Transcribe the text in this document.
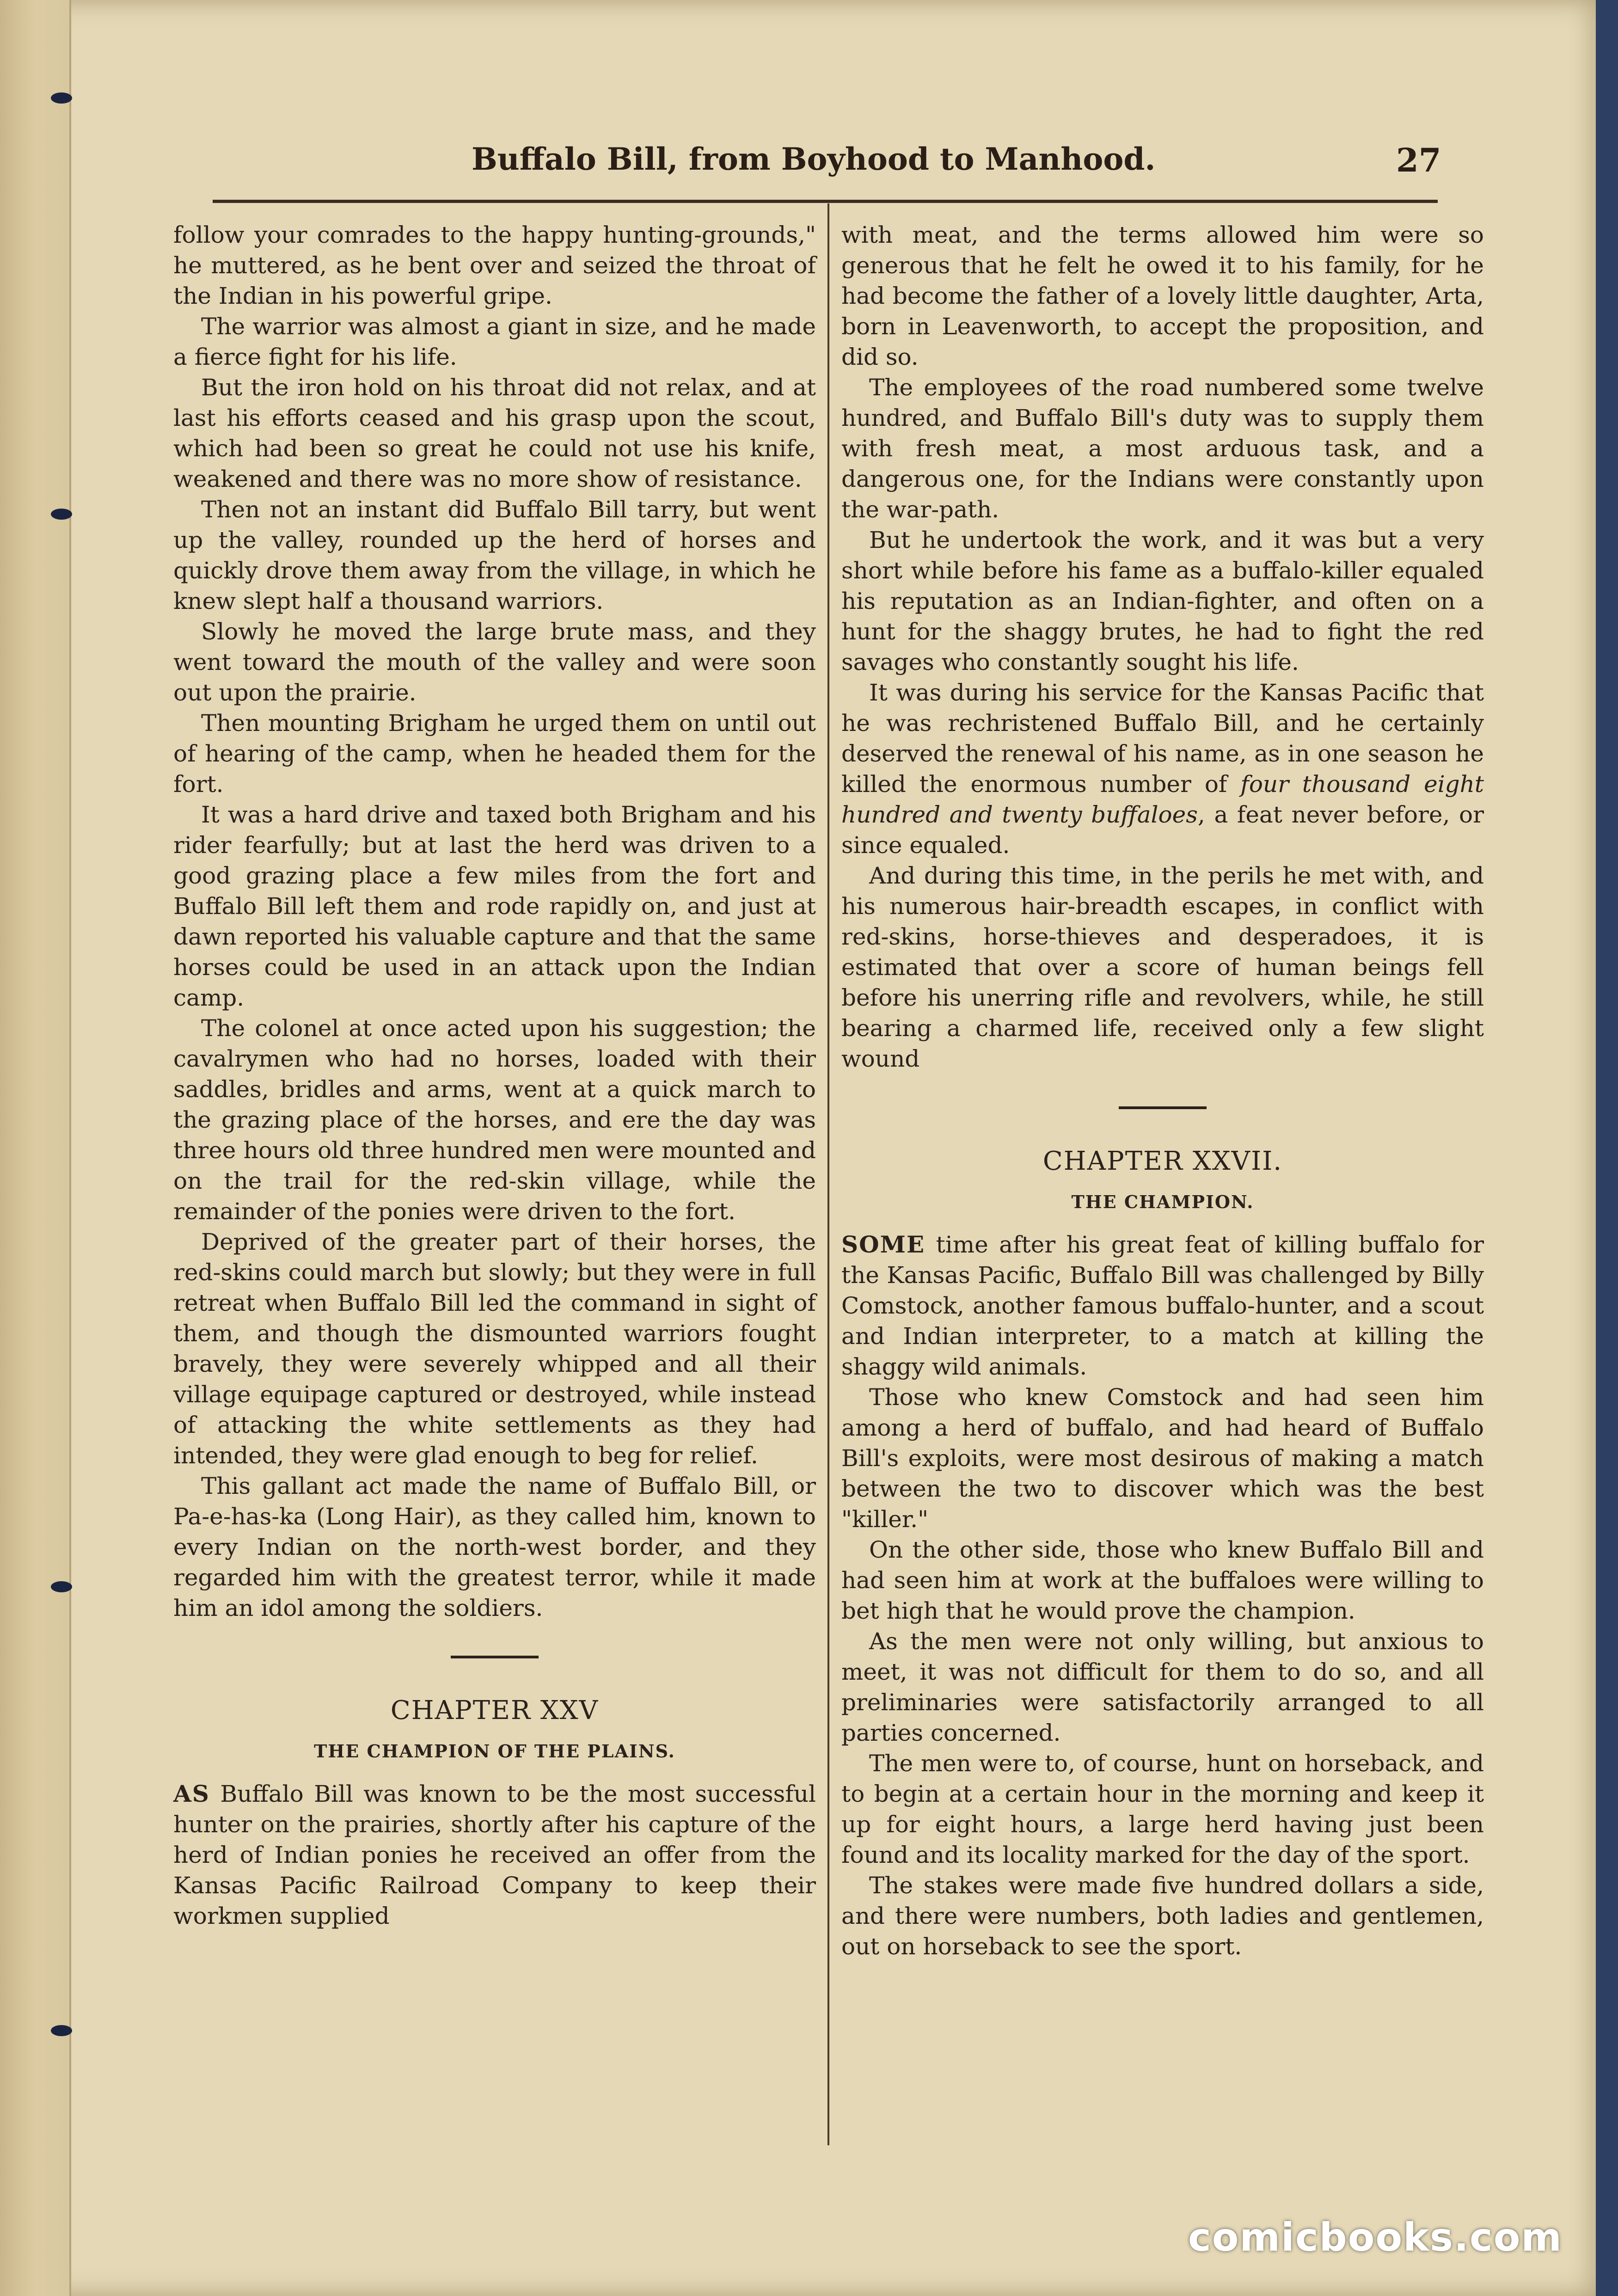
Buffalo Bill, from Boyhood to Manhood.	27

follow your comrades to the happy hunting-grounds," he muttered, as he bent over and seized the throat of the Indian in his powerful gripe.

The warrior was almost a giant in size, and he made a fierce fight for his life.

But the iron hold on his throat did not relax, and at last his efforts ceased and his grasp upon the scout, which had been so great he could not use his knife, weakened and there was no more show of resistance.

Then not an instant did Buffalo Bill tarry, but went up the valley, rounded up the herd of horses and quickly drove them away from the village, in which he knew slept half a thousand warriors.

Slowly he moved the large brute mass, and they went toward the mouth of the valley and were soon out upon the prairie.

Then mounting Brigham he urged them on until out of hearing of the camp, when he headed them for the fort.

It was a hard drive and taxed both Brigham and his rider fearfully; but at last the herd was driven to a good grazing place a few miles from the fort and Buffalo Bill left them and rode rapidly on, and just at dawn reported his valuable capture and that the same horses could be used in an attack upon the Indian camp.

The colonel at once acted upon his suggestion; the cavalrymen who had no horses, loaded with their saddles, bridles and arms, went at a quick march to the grazing place of the horses, and ere the day was three hours old three hundred men were mounted and on the trail for the red-skin village, while the remainder of the ponies were driven to the fort.

Deprived of the greater part of their horses, the red-skins could march but slowly; but they were in full retreat when Buffalo Bill led the command in sight of them, and though the dismounted warriors fought bravely, they were severely whipped and all their village equipage captured or destroyed, while instead of attacking the white settlements as they had intended, they were glad enough to beg for relief.

This gallant act made the name of Buffalo Bill, or Pa-e-has-ka (Long Hair), as they called him, known to every Indian on the north-west border, and they regarded him with the greatest terror, while it made him an idol among the soldiers.

CHAPTER XXV
THE CHAMPION OF THE PLAINS.

AS Buffalo Bill was known to be the most successful hunter on the prairies, shortly after his capture of the herd of Indian ponies he received an offer from the Kansas Pacific Railroad Company to keep their workmen supplied

with meat, and the terms allowed him were so generous that he felt he owed it to his family, for he had become the father of a lovely little daughter, Arta, born in Leavenworth, to accept the proposition, and did so.

The employees of the road numbered some twelve hundred, and Buffalo Bill's duty was to supply them with fresh meat, a most arduous task, and a dangerous one, for the Indians were constantly upon the war-path.

But he undertook the work, and it was but a very short while before his fame as a buffalo-killer equaled his reputation as an Indian-fighter, and often on a hunt for the shaggy brutes, he had to fight the red savages who constantly sought his life.

It was during his service for the Kansas Pacific that he was rechristened Buffalo Bill, and he certainly deserved the renewal of his name, as in one season he killed the enormous number of four thousand eight hundred and twenty buffaloes, a feat never before, or since equaled.

And during this time, in the perils he met with, and his numerous hair-breadth escapes, in conflict with red-skins, horse-thieves and desperadoes, it is estimated that over a score of human beings fell before his unerring rifle and revolvers, while, he still bearing a charmed life, received only a few slight wound

CHAPTER XXVII.
THE CHAMPION.

SOME time after his great feat of killing buffalo for the Kansas Pacific, Buffalo Bill was challenged by Billy Comstock, another famous buffalo-hunter, and a scout and Indian interpreter, to a match at killing the shaggy wild animals.

Those who knew Comstock and had seen him among a herd of buffalo, and had heard of Buffalo Bill's exploits, were most desirous of making a match between the two to discover which was the best "killer."

On the other side, those who knew Buffalo Bill and had seen him at work at the buffaloes were willing to bet high that he would prove the champion.

As the men were not only willing, but anxious to meet, it was not difficult for them to do so, and all preliminaries were satisfactorily arranged to all parties concerned.

The men were to, of course, hunt on horseback, and to begin at a certain hour in the morning and keep it up for eight hours, a large herd having just been found and its locality marked for the day of the sport.

The stakes were made five hundred dollars a side, and there were numbers, both ladies and gentlemen, out on horseback to see the sport.

comicbooks.com
